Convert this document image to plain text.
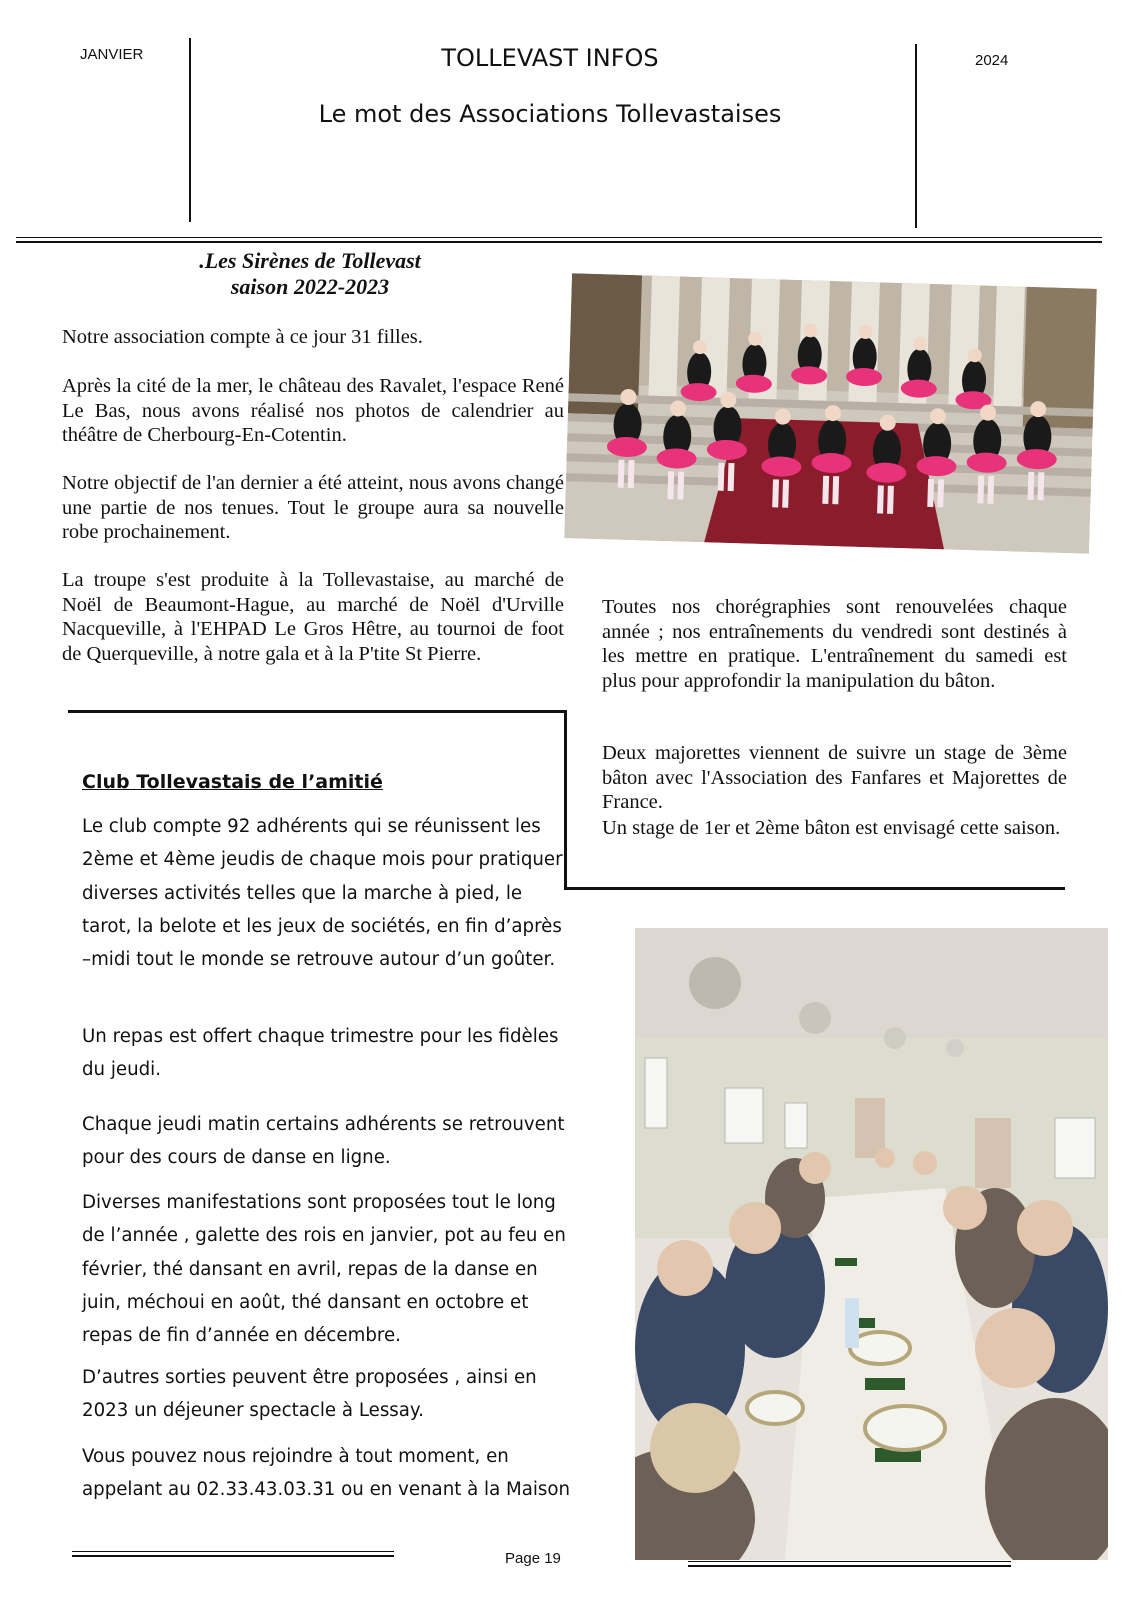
JANVIER	TOLLEVAST INFOS
Le mot des Associations Tollevastaises
2024
.Les Sirènes de Tollevast
saison 2022-2023
Notre association compte à ce jour 31 filles.
Après la cité de la mer, le château des Ravalet, l'espace René Le Bas, nous avons réalisé nos photos de calendrier au théâtre de Cherbourg-En-Cotentin.
Notre objectif de l'an dernier a été atteint, nous avons changé une partie de nos tenues. Tout le groupe aura sa nouvelle robe prochainement.
La troupe s'est produite à la Tollevastaise, au marché de Noël de Beaumont-Hague, au marché de Noël d'Urville Nacqueville, à l'EHPAD Le Gros Hêtre, au tournoi de foot de Querqueville, à notre gala et à la P'tite St Pierre.
Toutes nos chorégraphies sont renouvelées chaque année ; nos entraînements du vendredi sont destinés à les mettre en pratique. L'entraînement du samedi est plus pour approfondir la manipulation du bâton.
Deux majorettes viennent de suivre un stage de 3ème bâton avec l'Association des Fanfares et Majorettes de France.
Un stage de 1er et 2ème bâton est envisagé cette saison.
Club Tollevastais de l’amitié
Le club compte 92 adhérents qui se réunissent les 2ème et 4ème jeudis de chaque mois pour pratiquer diverses activités telles que la marche à pied, le tarot, la belote et les jeux de sociétés, en fin d’après –midi tout le monde se retrouve autour d’un goûter.
Un repas est offert chaque trimestre pour les fidèles du jeudi.
Chaque jeudi matin certains adhérents se retrouvent pour des cours de danse en ligne.
Diverses manifestations sont proposées tout le long de l’année , galette des rois en janvier, pot au feu en février, thé dansant en avril, repas de la danse en juin, méchoui en août, thé dansant en octobre et repas de fin d’année en décembre.
D’autres sorties peuvent être proposées , ainsi en 2023 un déjeuner spectacle à Lessay.
Vous pouvez nous rejoindre à tout moment, en appelant au 02.33.43.03.31 ou en venant à la Maison
Page 19
